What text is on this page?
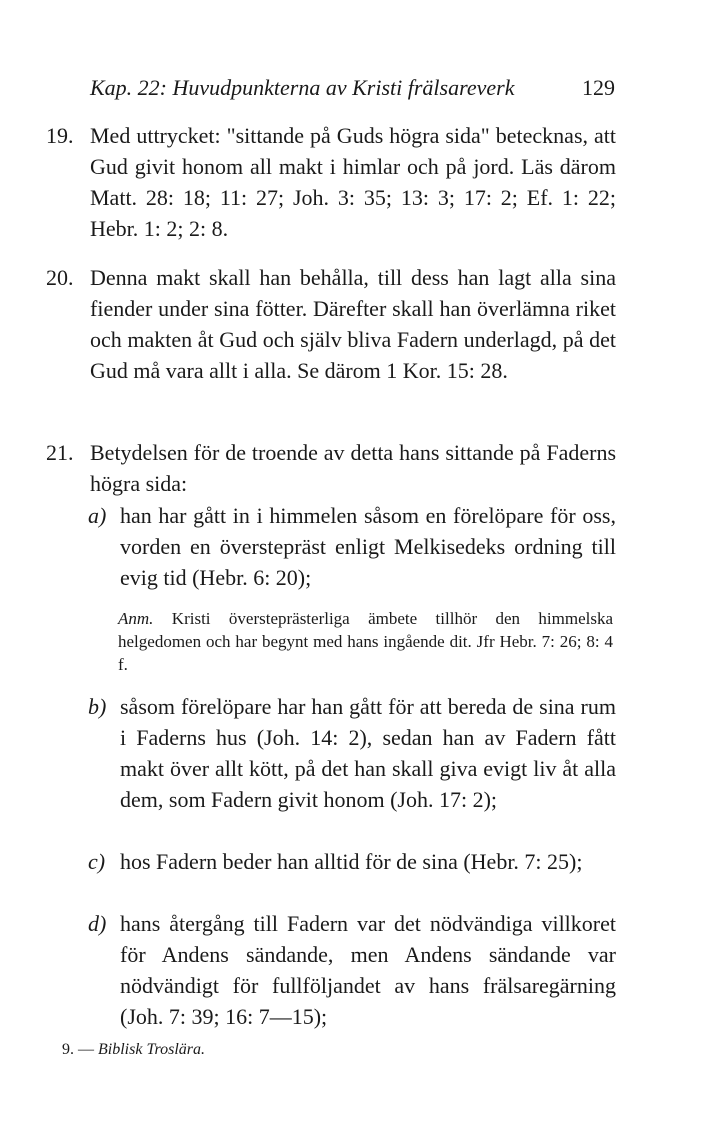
Kap. 22: Huvudpunkterna av Kristi frälsareverk	129
19. Med uttrycket: "sittande på Guds högra sida" betecknas, att Gud givit honom all makt i himlar och på jord. Läs därom Matt. 28: 18; 11: 27; Joh. 3: 35; 13: 3; 17: 2; Ef. 1: 22; Hebr. 1: 2; 2: 8.
20. Denna makt skall han behålla, till dess han lagt alla sina fiender under sina fötter. Därefter skall han överlämna riket och makten åt Gud och själv bliva Fadern underlagd, på det Gud må vara allt i alla. Se därom 1 Kor. 15: 28.
21. Betydelsen för de troende av detta hans sittande på Faderns högra sida:
a) han har gått in i himmelen såsom en förelöpare för oss, vorden en överstepräst enligt Melkisedeks ordning till evig tid (Hebr. 6: 20);
Anm. Kristi översteprästerliga ämbete tillhör den himmelska helgedomen och har begynt med hans ingående dit. Jfr Hebr. 7: 26; 8: 4 f.
b) såsom förelöpare har han gått för att bereda de sina rum i Faderns hus (Joh. 14: 2), sedan han av Fadern fått makt över allt kött, på det han skall giva evigt liv åt alla dem, som Fadern givit honom (Joh. 17: 2);
c) hos Fadern beder han alltid för de sina (Hebr. 7: 25);
d) hans återgång till Fadern var det nödvändiga villkoret för Andens sändande, men Andens sändande var nödvändigt för fullföljandet av hans frälsaregärning (Joh. 7: 39; 16: 7—15);
9. — Biblisk Troslära.
